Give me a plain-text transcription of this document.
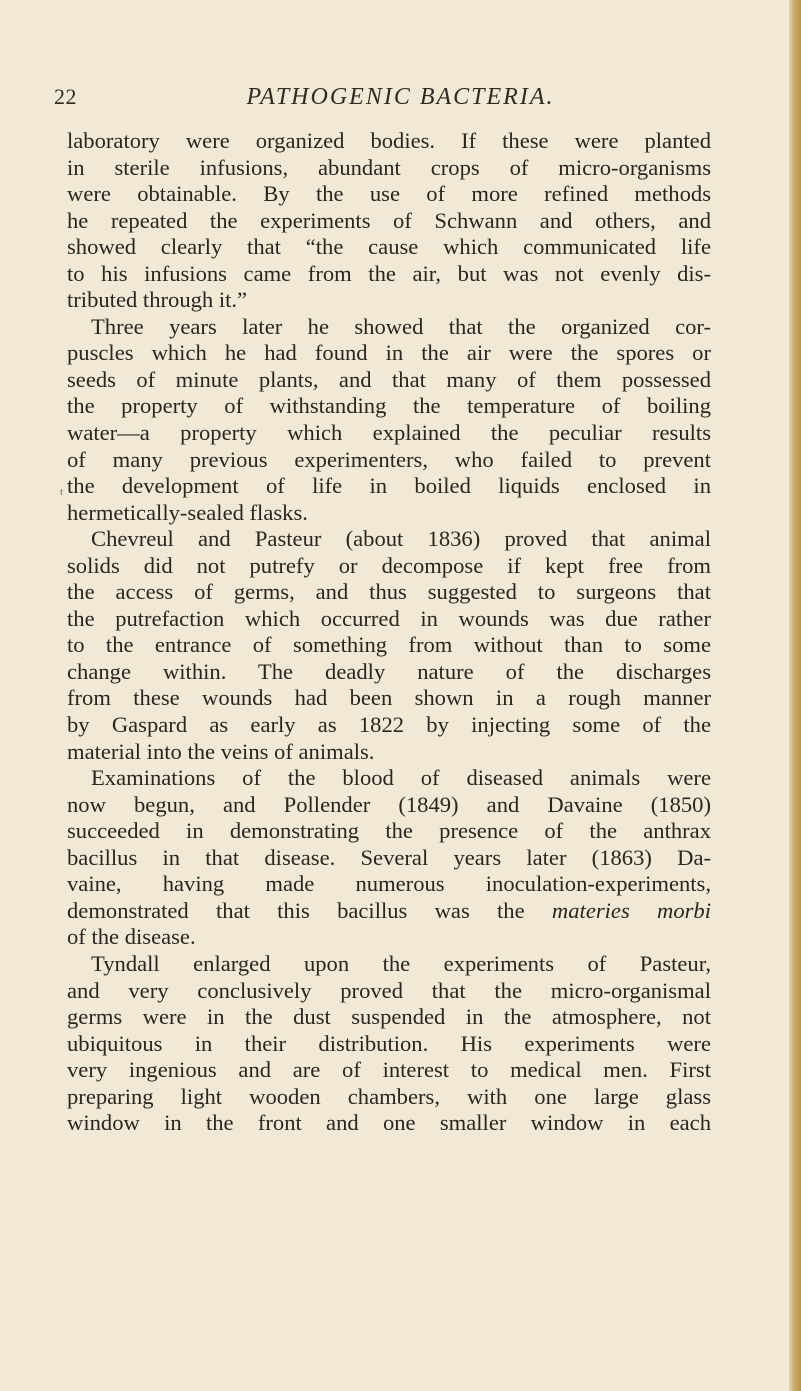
22	PATHOGENIC BACTERIA.
t
laboratory were organized bodies. If these were planted
in sterile infusions, abundant crops of micro-organisms
were obtainable. By the use of more refined methods
he repeated the experiments of Schwann and others, and
showed clearly that “the cause which communicated life
to his infusions came from the air, but was not evenly dis-
tributed through it.”
Three years later he showed that the organized cor-
puscles which he had found in the air were the spores or
seeds of minute plants, and that many of them possessed
the property of withstanding the temperature of boiling
water—a property which explained the peculiar results
of many previous experimenters, who failed to prevent
the development of life in boiled liquids enclosed in
hermetically-sealed flasks.
Chevreul and Pasteur (about 1836) proved that animal
solids did not putrefy or decompose if kept free from
the access of germs, and thus suggested to surgeons that
the putrefaction which occurred in wounds was due rather
to the entrance of something from without than to some
change within. The deadly nature of the discharges
from these wounds had been shown in a rough manner
by Gaspard as early as 1822 by injecting some of the
material into the veins of animals.
Examinations of the blood of diseased animals were
now begun, and Pollender (1849) and Davaine (1850)
succeeded in demonstrating the presence of the anthrax
bacillus in that disease. Several years later (1863) Da-
vaine, having made numerous inoculation-experiments,
demonstrated that this bacillus was the materies morbi
of the disease.
Tyndall enlarged upon the experiments of Pasteur,
and very conclusively proved that the micro-organismal
germs were in the dust suspended in the atmosphere, not
ubiquitous in their distribution. His experiments were
very ingenious and are of interest to medical men. First
preparing light wooden chambers, with one large glass
window in the front and one smaller window in each
